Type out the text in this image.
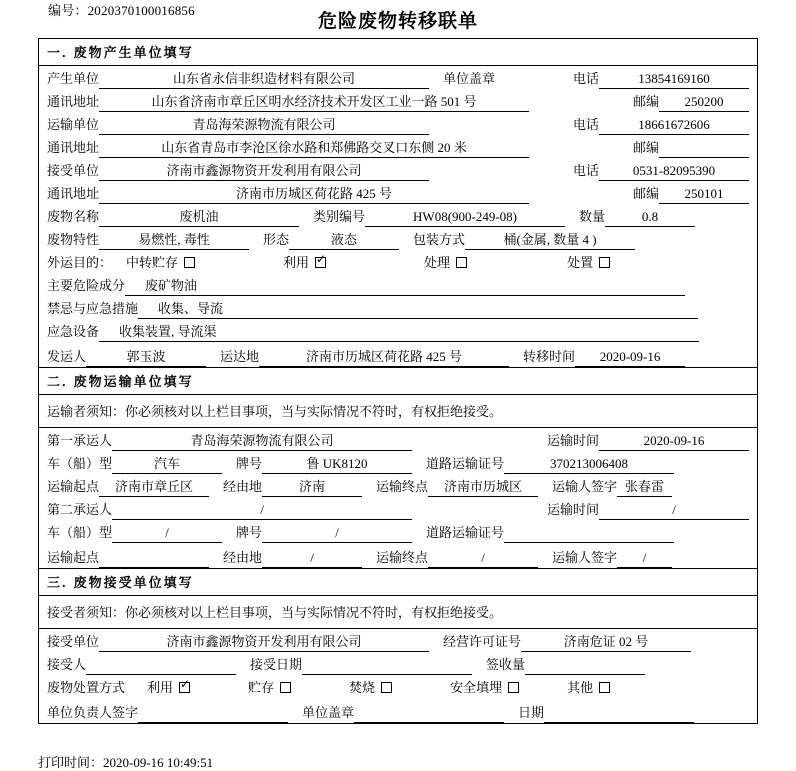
编号：2020370100016856
危险废物转移联单
一. 废物产生单位填写
产生单位	山东省永信非织造材料有限公司	单位盖章	电话	13854169160
通讯地址	山东省济南市章丘区明水经济技术开发区工业一路 501 号	邮编	250200
运输单位	青岛海荣源物流有限公司	电话	18661672606
通讯地址	山东省青岛市李沧区徐水路和郑佛路交叉口东侧 20 米	邮编
接受单位	济南市鑫源物资开发利用有限公司	电话	0531-82095390
通讯地址	济南市历城区荷花路 425 号	邮编	250101
废物名称	废机油	类别编号	HW08(900-249-08)	数量	0.8
废物特性	易燃性, 毒性	形态	液态	包装方式	桶(金属, 数量 4 )
外运目的： 中转贮存	利用 ✓	处理	处置
主要危险成分	废矿物油
禁忌与应急措施	收集、导流
应急设备	收集装置, 导流渠
发运人	郭玉波	运达地	济南市历城区荷花路 425 号	转移时间	2020-09-16
二. 废物运输单位填写
运输者须知：你必须核对以上栏目事项，当与实际情况不符时，有权拒绝接受。
第一承运人	青岛海荣源物流有限公司	运输时间	2020-09-16
车（船）型	汽车	牌号	鲁 UK8120	道路运输证号	370213006408
运输起点	济南市章丘区	经由地	济南	运输终点	济南市历城区	运输人签字 张春雷
第二承运人	/	运输时间	/
车（船）型	/	牌号	/	道路运输证号
运输起点	经由地	/	运输终点	/	运输人签字	/
三. 废物接受单位填写
接受者须知：你必须核对以上栏目事项，当与实际情况不符时，有权拒绝接受。
接受单位	济南市鑫源物资开发利用有限公司	经营许可证号	济南危证 02 号
接受人	接受日期	签收量
废物处置方式 利用 ✓	贮存	焚烧	安全填埋	其他
单位负责人签字	单位盖章	日期
打印时间：2020-09-16 10:49:51
